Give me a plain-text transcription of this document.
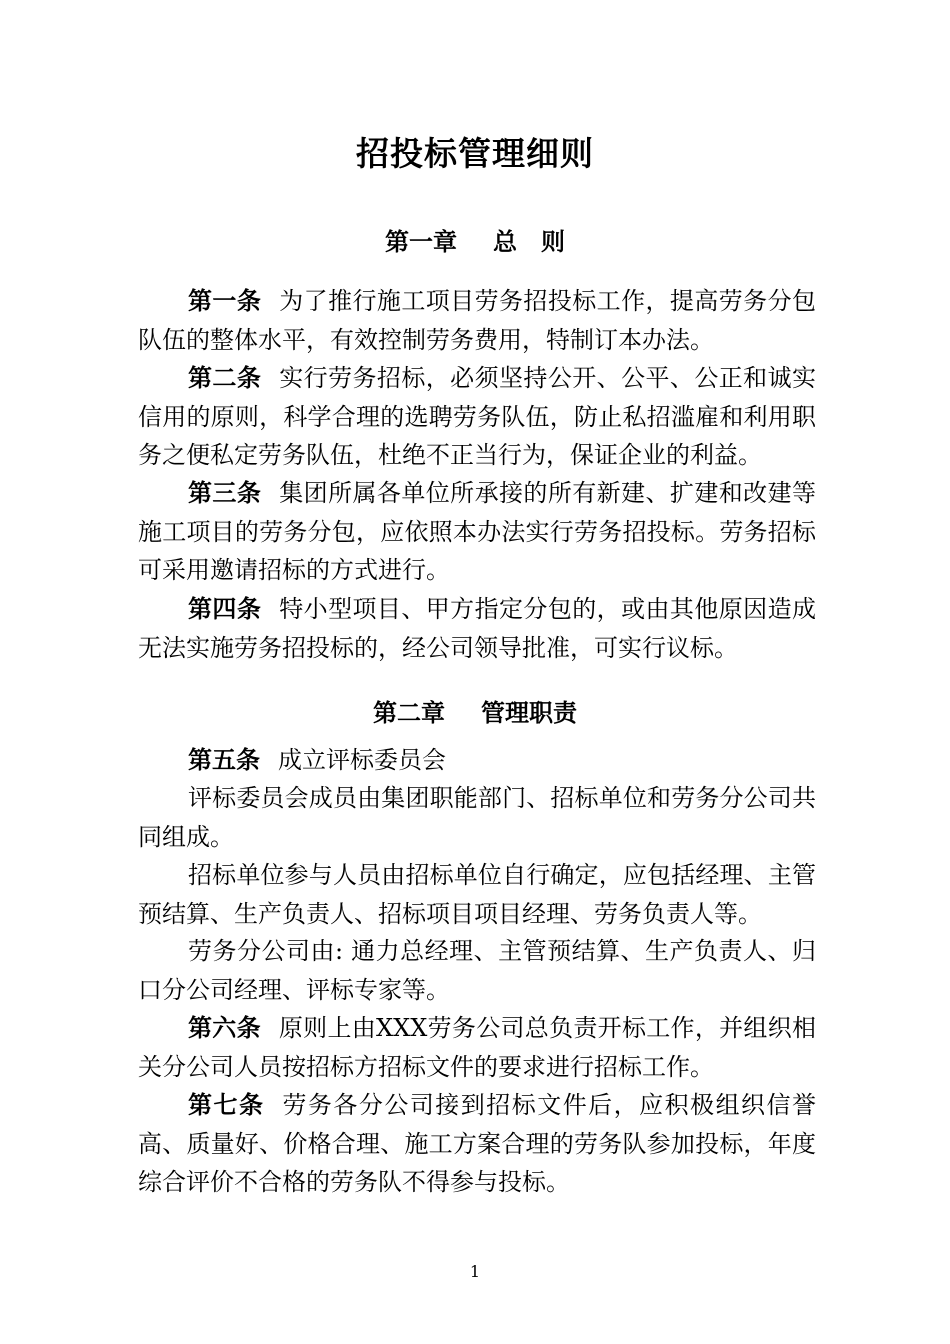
招投标管理细则
第一章 总　则

第一条 为了推行施工项目劳务招投标工作，提高劳务分包队伍的整体水平，有效控制劳务费用，特制订本办法。

第二条 实行劳务招标，必须坚持公开、公平、公正和诚实信用的原则，科学合理的选聘劳务队伍，防止私招滥雇和利用职务之便私定劳务队伍，杜绝不正当行为，保证企业的利益。

第三条 集团所属各单位所承接的所有新建、扩建和改建等施工项目的劳务分包，应依照本办法实行劳务招投标。劳务招标可采用邀请招标的方式进行。

第四条 特小型项目、甲方指定分包的，或由其他原因造成无法实施劳务招投标的，经公司领导批准，可实行议标。

第二章 管理职责

第五条 成立评标委员会

评标委员会成员由集团职能部门、招标单位和劳务分公司共同组成。

招标单位参与人员由招标单位自行确定，应包括经理、主管预结算、生产负责人、招标项目项目经理、劳务负责人等。

劳务分公司由: 通力总经理、主管预结算、生产负责人、归口分公司经理、评标专家等。

第六条 原则上由XXX劳务公司总负责开标工作，并组织相关分公司人员按招标方招标文件的要求进行招标工作。

第七条 劳务各分公司接到招标文件后，应积极组织信誉高、质量好、价格合理、施工方案合理的劳务队参加投标，年度综合评价不合格的劳务队不得参与投标。

1
